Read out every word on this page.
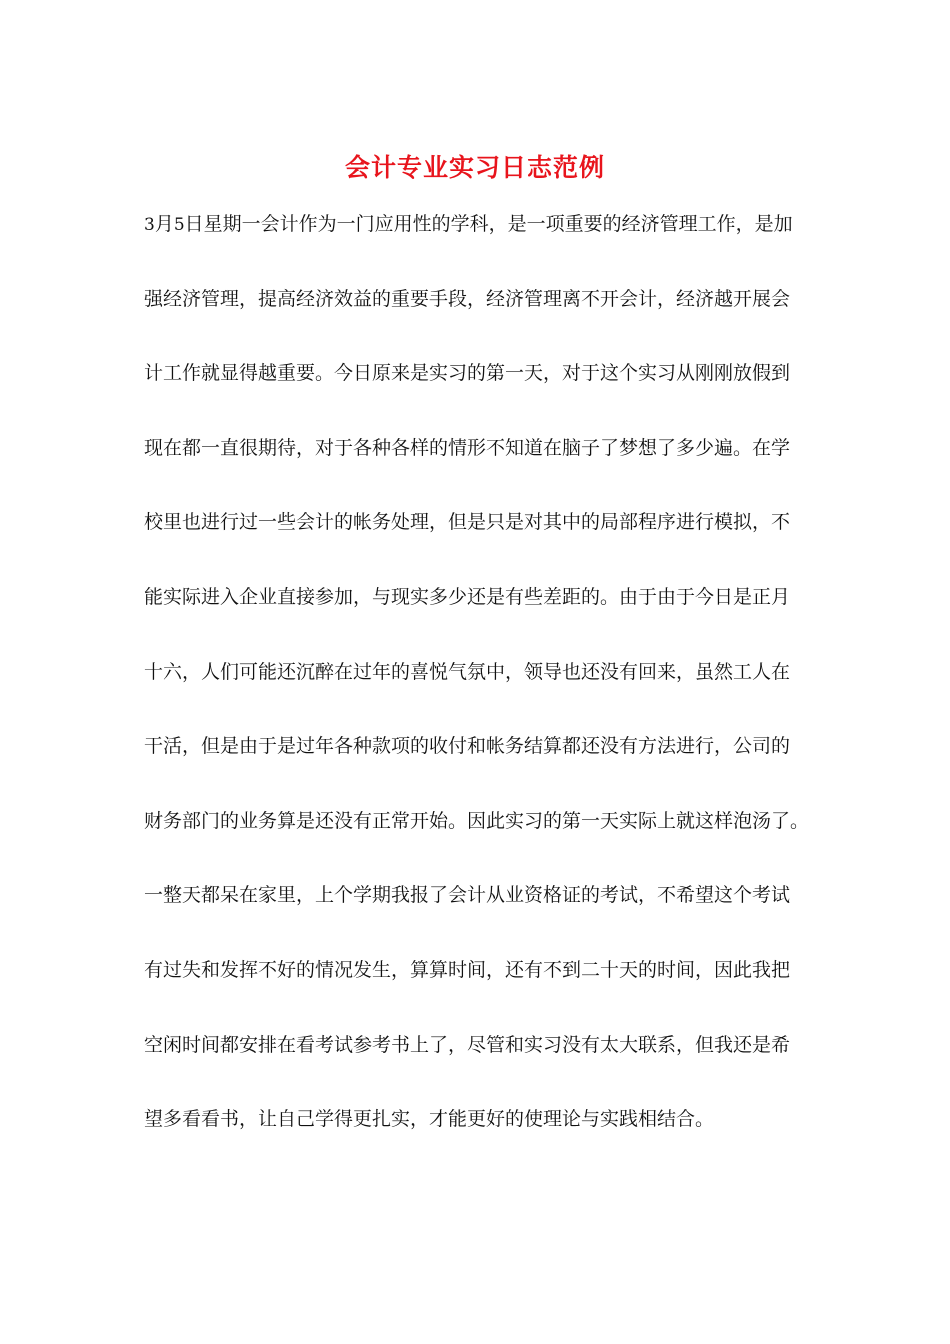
会计专业实习日志范例
3月5日星期一会计作为一门应用性的学科，是一项重要的经济管理工作，是加
强经济管理，提高经济效益的重要手段，经济管理离不开会计，经济越开展会
计工作就显得越重要。今日原来是实习的第一天，对于这个实习从刚刚放假到
现在都一直很期待，对于各种各样的情形不知道在脑子了梦想了多少遍。在学
校里也进行过一些会计的帐务处理，但是只是对其中的局部程序进行模拟，不
能实际进入企业直接参加，与现实多少还是有些差距的。由于由于今日是正月
十六，人们可能还沉醉在过年的喜悦气氛中，领导也还没有回来，虽然工人在
干活，但是由于是过年各种款项的收付和帐务结算都还没有方法进行，公司的
财务部门的业务算是还没有正常开始。因此实习的第一天实际上就这样泡汤了。
一整天都呆在家里，上个学期我报了会计从业资格证的考试，不希望这个考试
有过失和发挥不好的情况发生，算算时间，还有不到二十天的时间，因此我把
空闲时间都安排在看考试参考书上了，尽管和实习没有太大联系，但我还是希
望多看看书，让自己学得更扎实，才能更好的使理论与实践相结合。
